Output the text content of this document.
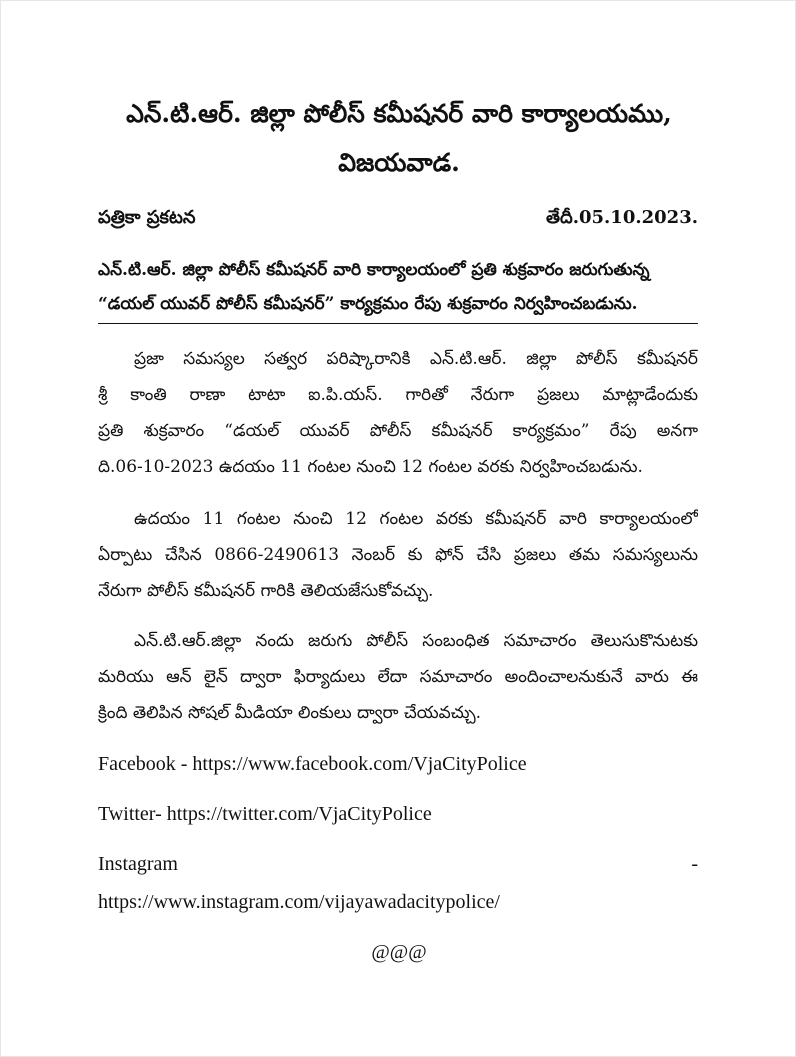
ఎన్.టి.ఆర్. జిల్లా పోలీస్ కమీషనర్ వారి కార్యాలయము,
విజయవాడ.
పత్రికా ప్రకటన	తేదీ.05.10.2023.
ఎన్.టి.ఆర్. జిల్లా పోలీస్ కమీషనర్ వారి కార్యాలయంలో ప్రతి శుక్రవారం జరుగుతున్న
“డయల్ యువర్ పోలీస్ కమీషనర్” కార్యక్రమం రేపు శుక్రవారం నిర్వహించబడును.
ప్రజా సమస్యల సత్వర పరిష్కారానికి ఎన్.టి.ఆర్. జిల్లా పోలీస్ కమీషనర్
శ్రీ కాంతి రాణా టాటా ఐ.పి.యస్. గారితో నేరుగా ప్రజలు మాట్లాడేందుకు
ప్రతి శుక్రవారం “డయల్ యువర్ పోలీస్ కమీషనర్ కార్యక్రమం” రేపు అనగా
ది.06-10-2023 ఉదయం 11 గంటల నుంచి 12 గంటల వరకు నిర్వహించబడును.
ఉదయం 11 గంటల నుంచి 12 గంటల వరకు కమీషనర్ వారి కార్యాలయంలో
ఏర్పాటు చేసిన 0866-2490613 నెంబర్ కు ఫోన్ చేసి ప్రజలు తమ సమస్యలును
నేరుగా పోలీస్ కమీషనర్ గారికి తెలియజేసుకోవచ్చు.
ఎన్.టి.ఆర్.జిల్లా నందు జరుగు పోలీస్ సంబంధిత సమాచారం తెలుసుకొనుటకు
మరియు ఆన్ లైన్ ద్వారా ఫిర్యాదులు లేదా సమాచారం అందించాలనుకునే వారు ఈ
క్రింది తెలిపిన సోషల్ మీడియా లింకులు ద్వారా చేయవచ్చు.
Facebook - https://www.facebook.com/VjaCityPolice
Twitter- https://twitter.com/VjaCityPolice
Instagram	-
https://www.instagram.com/vijayawadacitypolice/
@@@
